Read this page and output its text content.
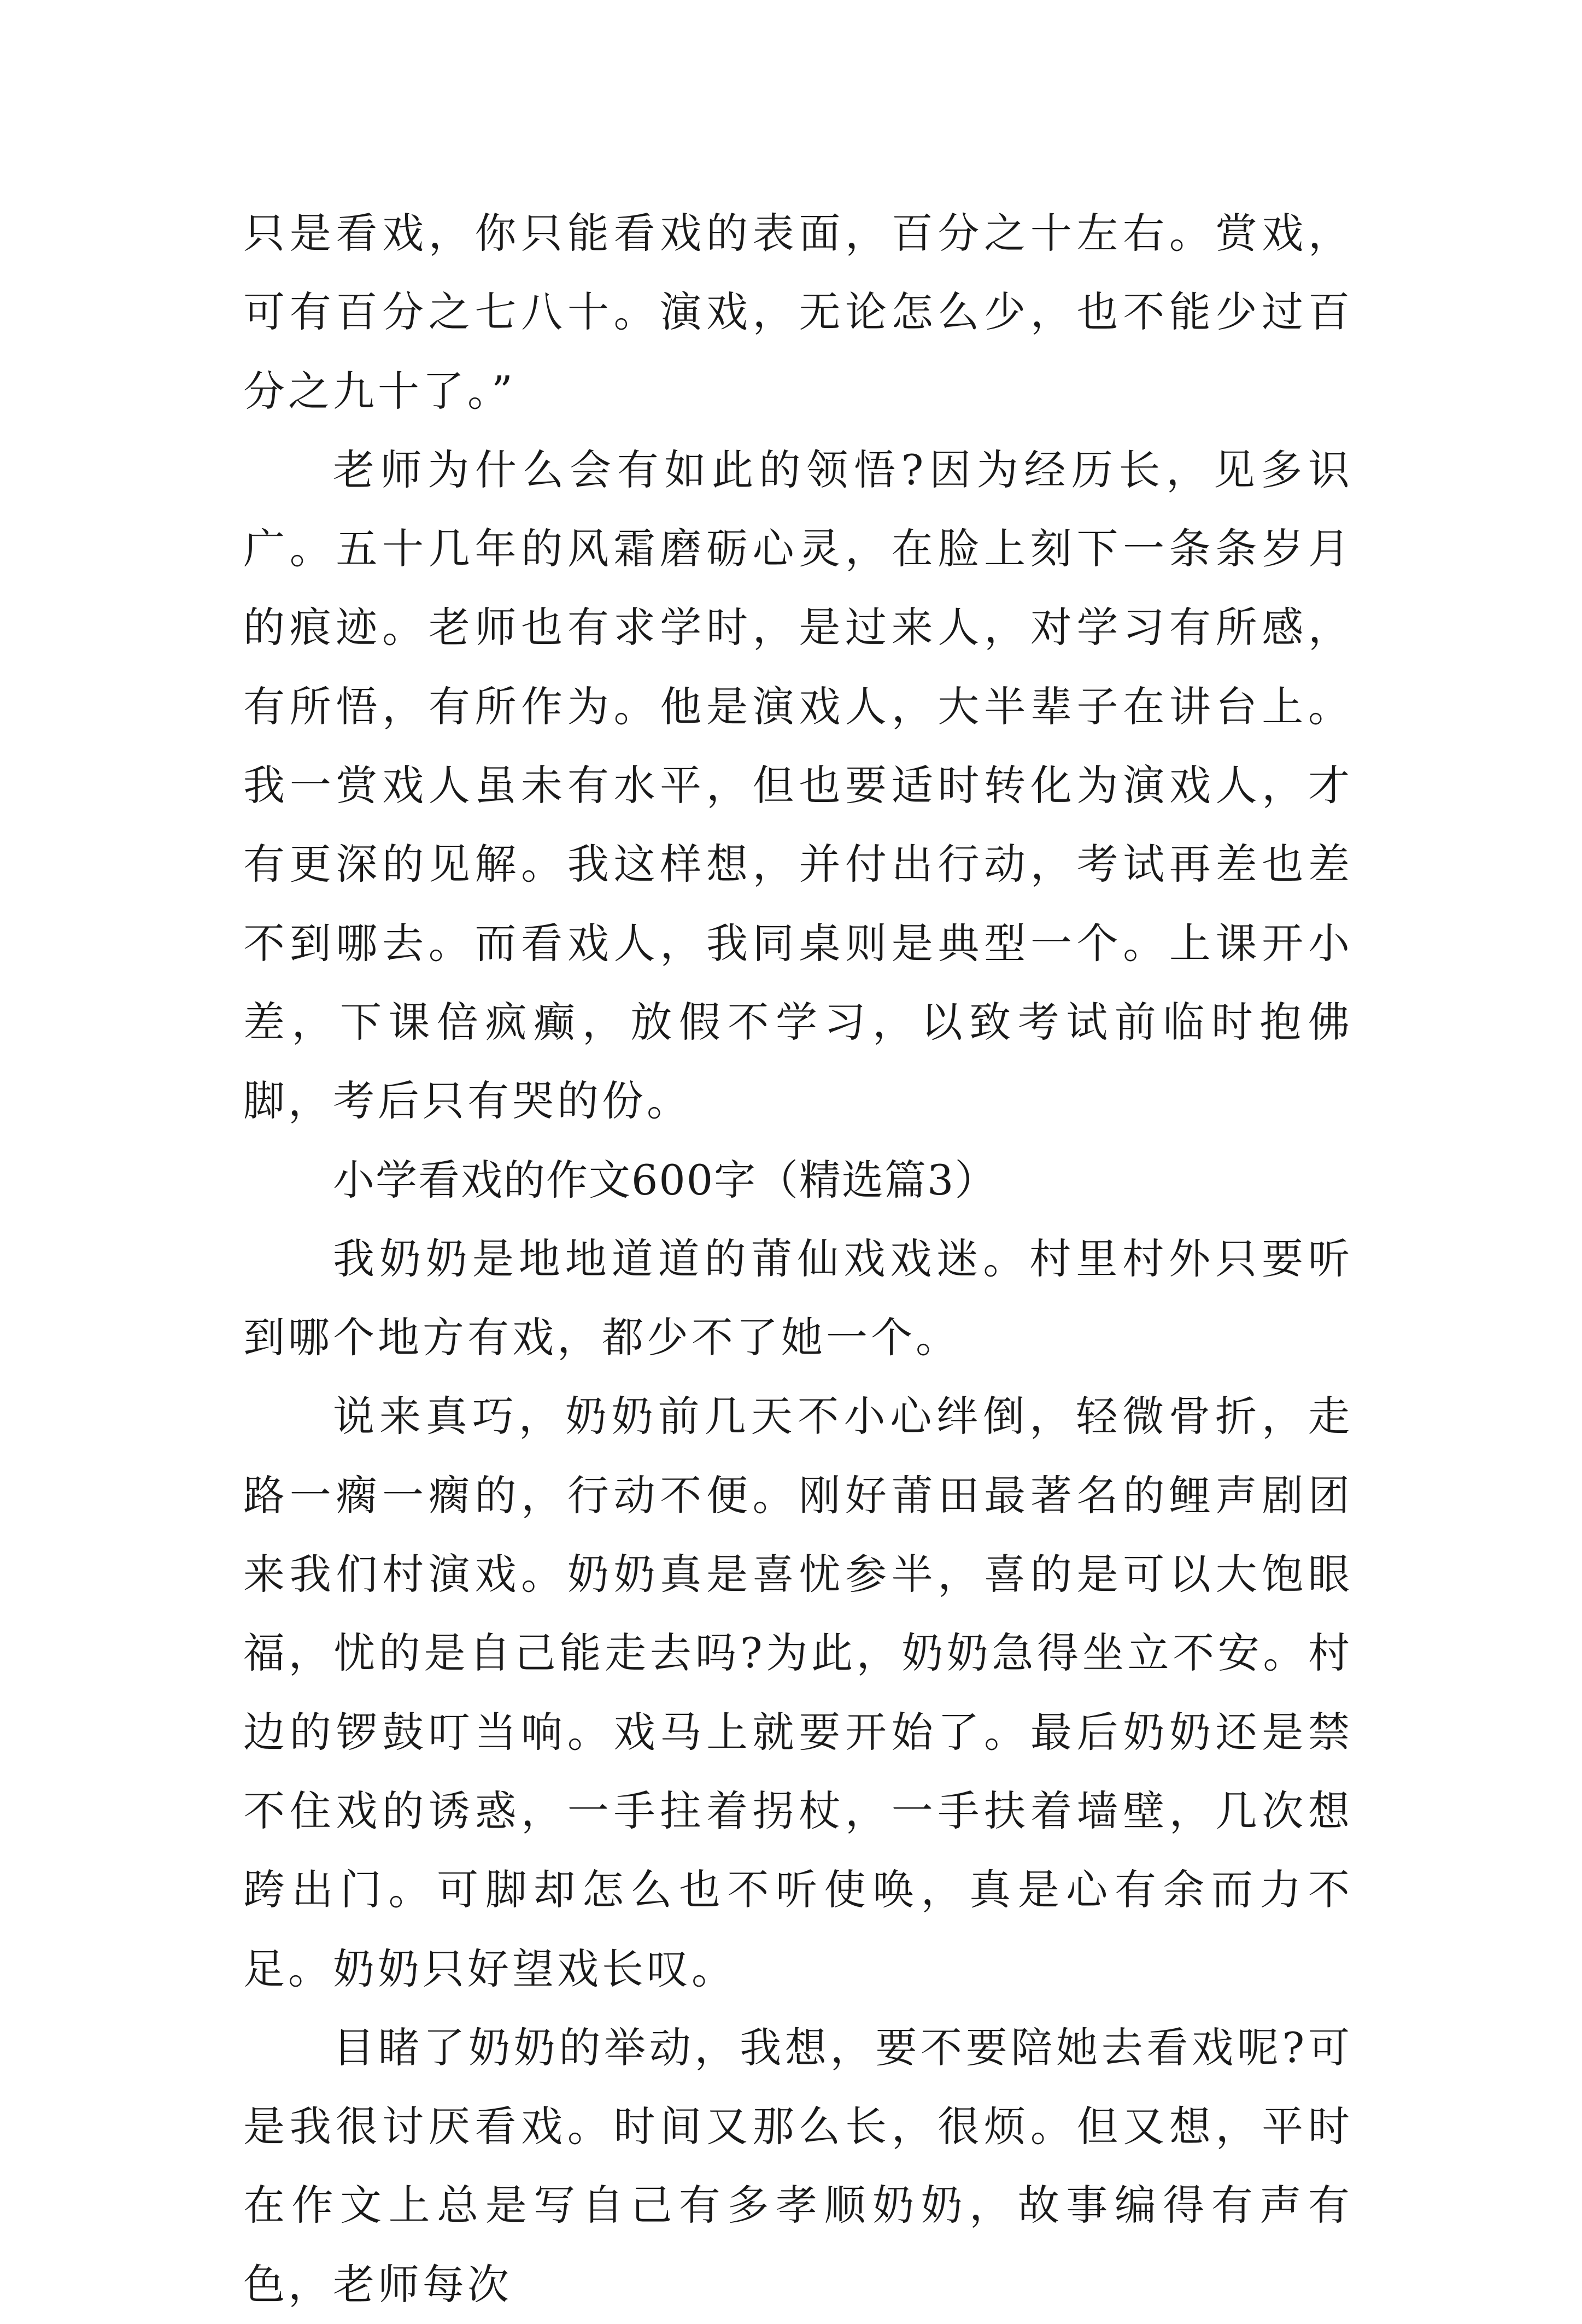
只是看戏，你只能看戏的表面，百分之十左右。赏戏，可有百分之七八十。演戏，无论怎么少，也不能少过百分之九十了。”

老师为什么会有如此的领悟?因为经历长，见多识广。五十几年的风霜磨砺心灵，在脸上刻下一条条岁月的痕迹。老师也有求学时，是过来人，对学习有所感，有所悟，有所作为。他是演戏人，大半辈子在讲台上。我一赏戏人虽未有水平，但也要适时转化为演戏人，才有更深的见解。我这样想，并付出行动，考试再差也差不到哪去。而看戏人，我同桌则是典型一个。上课开小差，下课倍疯癫，放假不学习，以致考试前临时抱佛脚，考后只有哭的份。

小学看戏的作文600字（精选篇3）

我奶奶是地地道道的莆仙戏戏迷。村里村外只要听到哪个地方有戏，都少不了她一个。

说来真巧，奶奶前几天不小心绊倒，轻微骨折，走路一瘸一瘸的，行动不便。刚好莆田最著名的鲤声剧团来我们村演戏。奶奶真是喜忧参半，喜的是可以大饱眼福，忧的是自己能走去吗?为此，奶奶急得坐立不安。村边的锣鼓叮当响。戏马上就要开始了。最后奶奶还是禁不住戏的诱惑，一手拄着拐杖，一手扶着墙壁，几次想跨出门。可脚却怎么也不听使唤，真是心有余而力不足。奶奶只好望戏长叹。

目睹了奶奶的举动，我想，要不要陪她去看戏呢?可是我很讨厌看戏。时间又那么长，很烦。但又想，平时在作文上总是写自己有多孝顺奶奶，故事编得有声有色，老师每次
